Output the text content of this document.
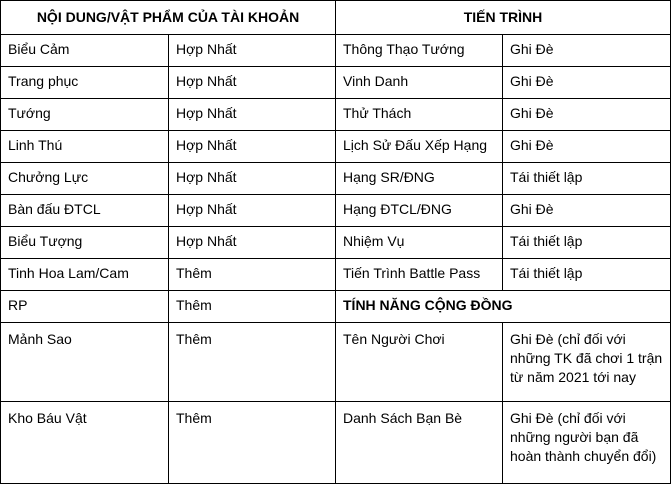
NỘI DUNG/VẬT PHẨM CỦA TÀI KHOẢN		TIẾN TRÌNH	
Biểu Cảm	Hợp Nhất	Thông Thạo Tướng	Ghi Đè
Trang phục	Hợp Nhất	Vinh Danh	Ghi Đè
Tướng	Hợp Nhất	Thử Thách	Ghi Đè
Linh Thú	Hợp Nhất	Lịch Sử Đấu Xếp Hạng	Ghi Đè
Chưởng Lực	Hợp Nhất	Hạng SR/ĐNG	Tái thiết lập
Bàn đấu ĐTCL	Hợp Nhất	Hạng ĐTCL/ĐNG	Ghi Đè
Biểu Tượng	Hợp Nhất	Nhiệm Vụ	Tái thiết lập
Tinh Hoa Lam/Cam	Thêm	Tiến Trình Battle Pass	Tái thiết lập
RP	Thêm	TÍNH NĂNG CỘNG ĐỒNG	
Mảnh Sao	Thêm	Tên Người Chơi	Ghi Đè (chỉ đối với những TK đã chơi 1 trận từ năm 2021 tới nay
Kho Báu Vật	Thêm	Danh Sách Bạn Bè	Ghi Đè (chỉ đối với những người bạn đã hoàn thành chuyển đổi)
